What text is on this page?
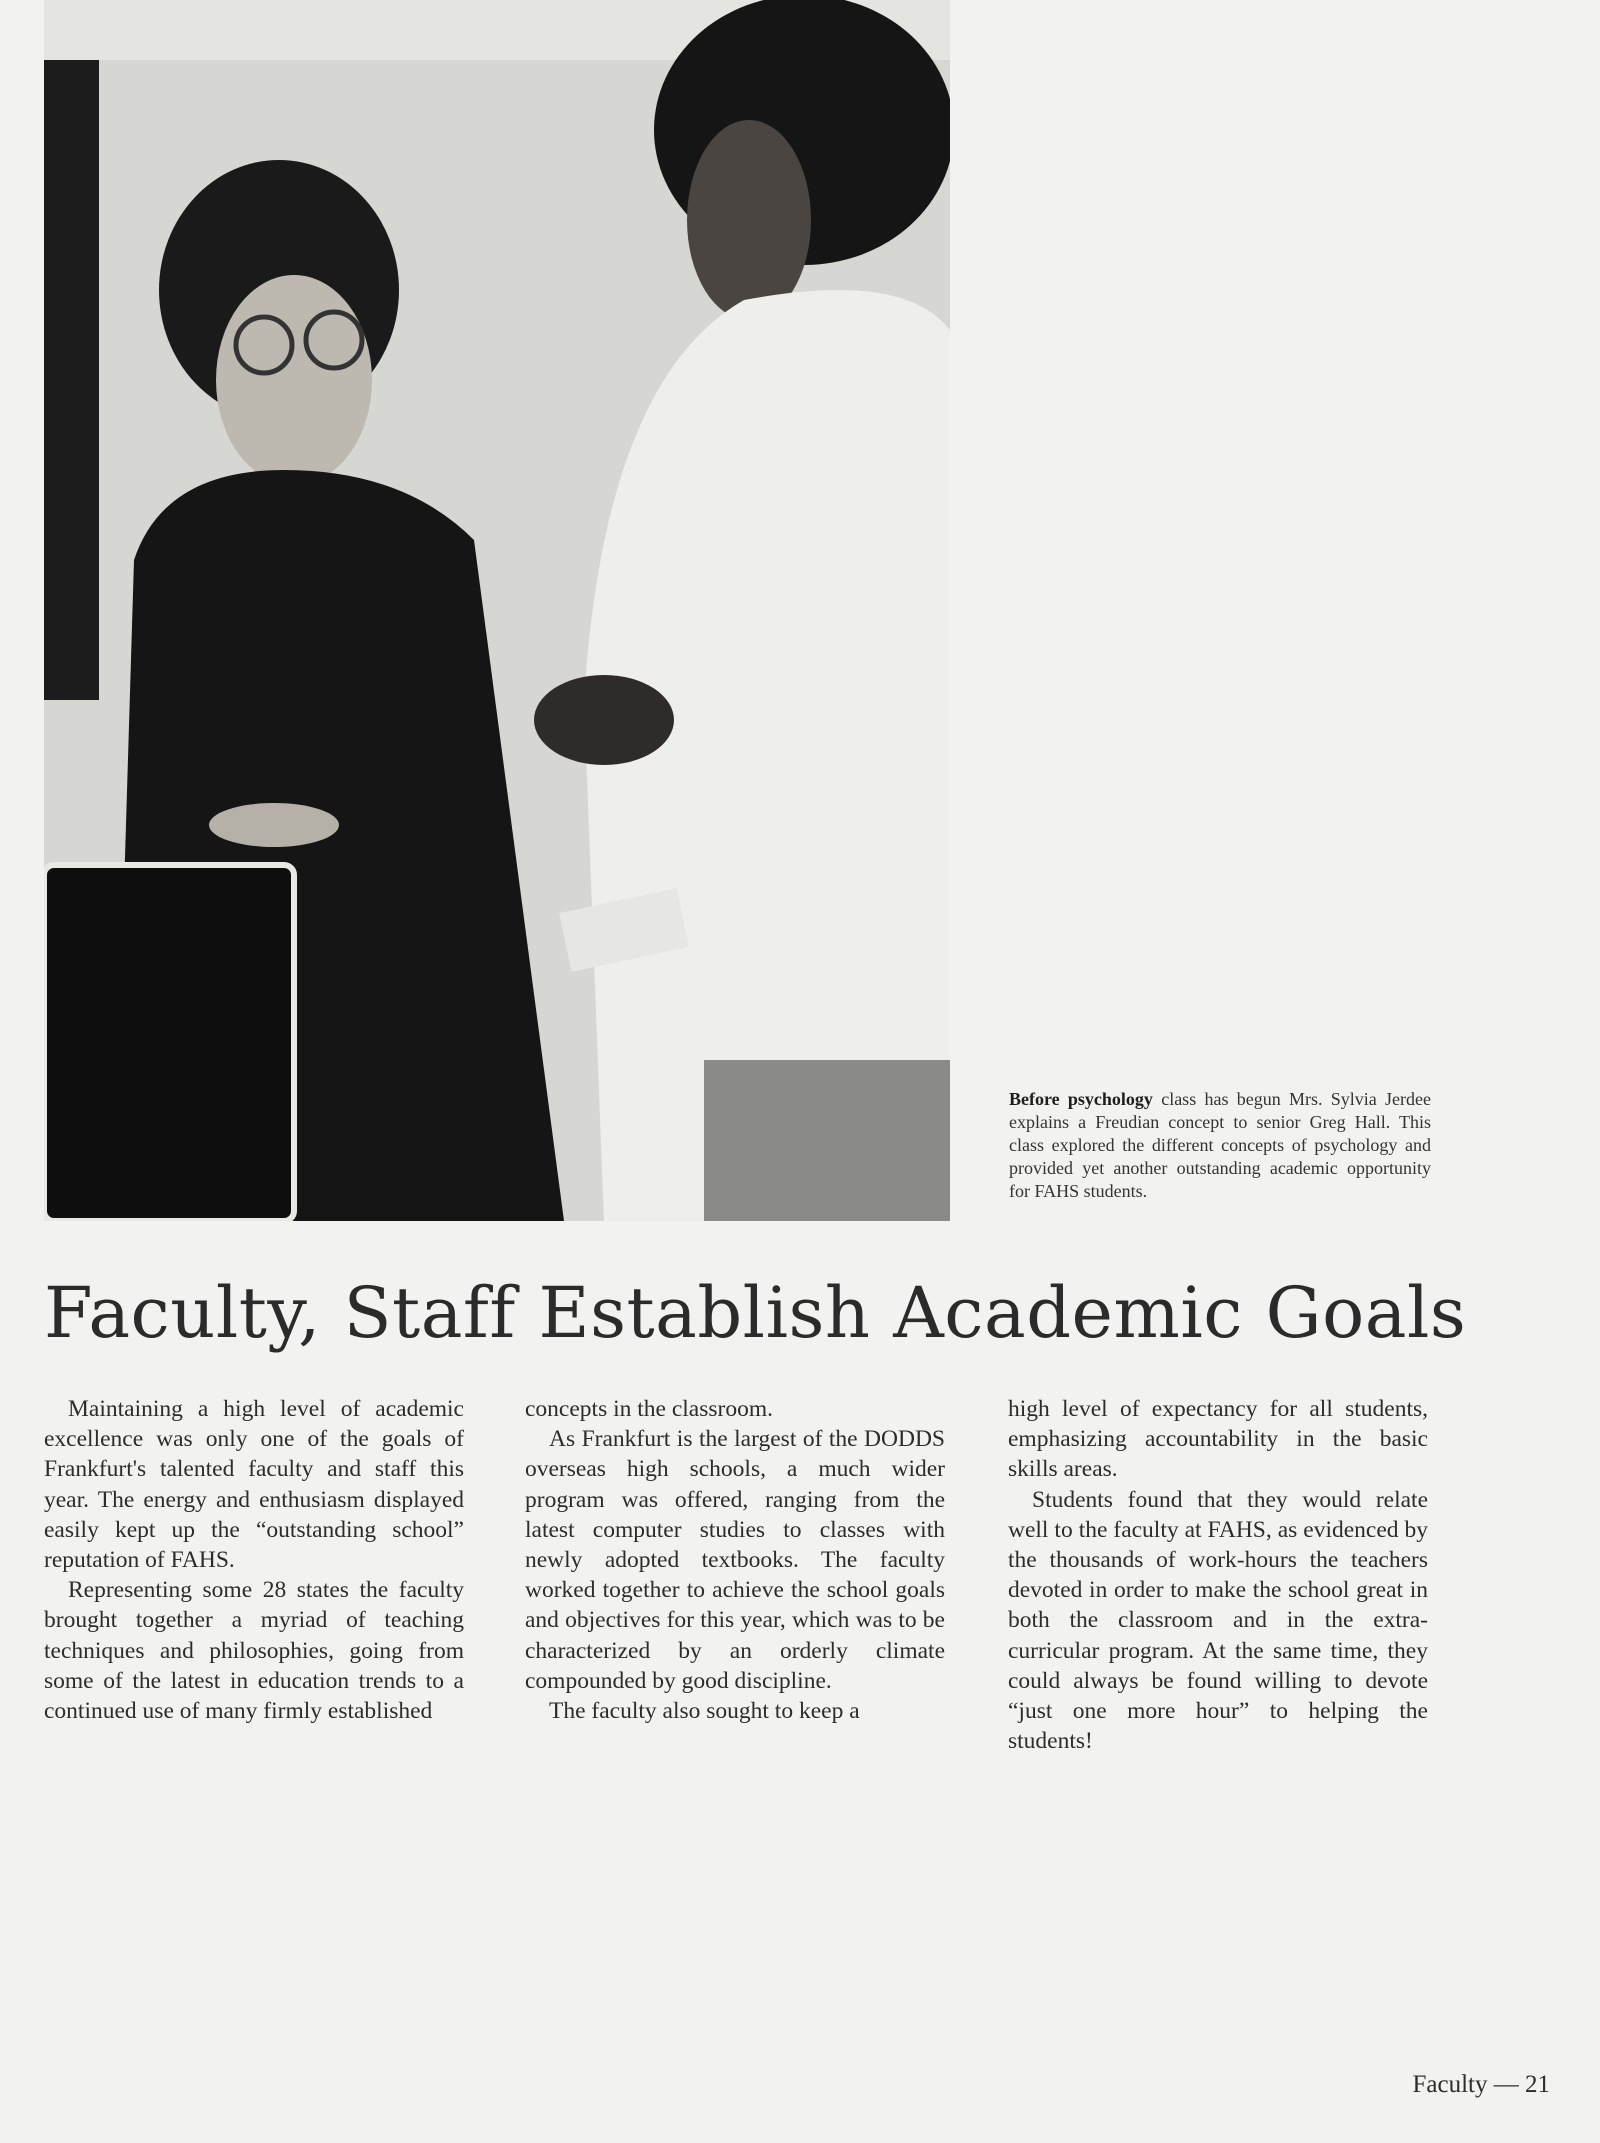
Before psychology class has begun Mrs. Sylvia Jerdee explains a Freudian concept to senior Greg Hall. This class explored the different concepts of psychology and provided yet another outstanding academic opportunity for FAHS students.
Faculty, Staff Establish Academic Goals

Maintaining a high level of academic excellence was only one of the goals of Frankfurt's talented faculty and staff this year. The energy and enthusiasm displayed easily kept up the “outstanding school” reputation of FAHS.

Representing some 28 states the faculty brought together a myriad of teaching techniques and philosophies, going from some of the latest in education trends to a continued use of many firmly established

concepts in the classroom.

As Frankfurt is the largest of the DODDS overseas high schools, a much wider program was offered, ranging from the latest computer studies to classes with newly adopted textbooks. The faculty worked together to achieve the school goals and objectives for this year, which was to be characterized by an orderly climate compounded by good discipline.

The faculty also sought to keep a

high level of expectancy for all students, emphasizing accountability in the basic skills areas.

Students found that they would relate well to the faculty at FAHS, as evidenced by the thousands of work-hours the teachers devoted in order to make the school great in both the classroom and in the extra-curricular program. At the same time, they could always be found willing to devote “just one more hour” to helping the students!

Faculty — 21
